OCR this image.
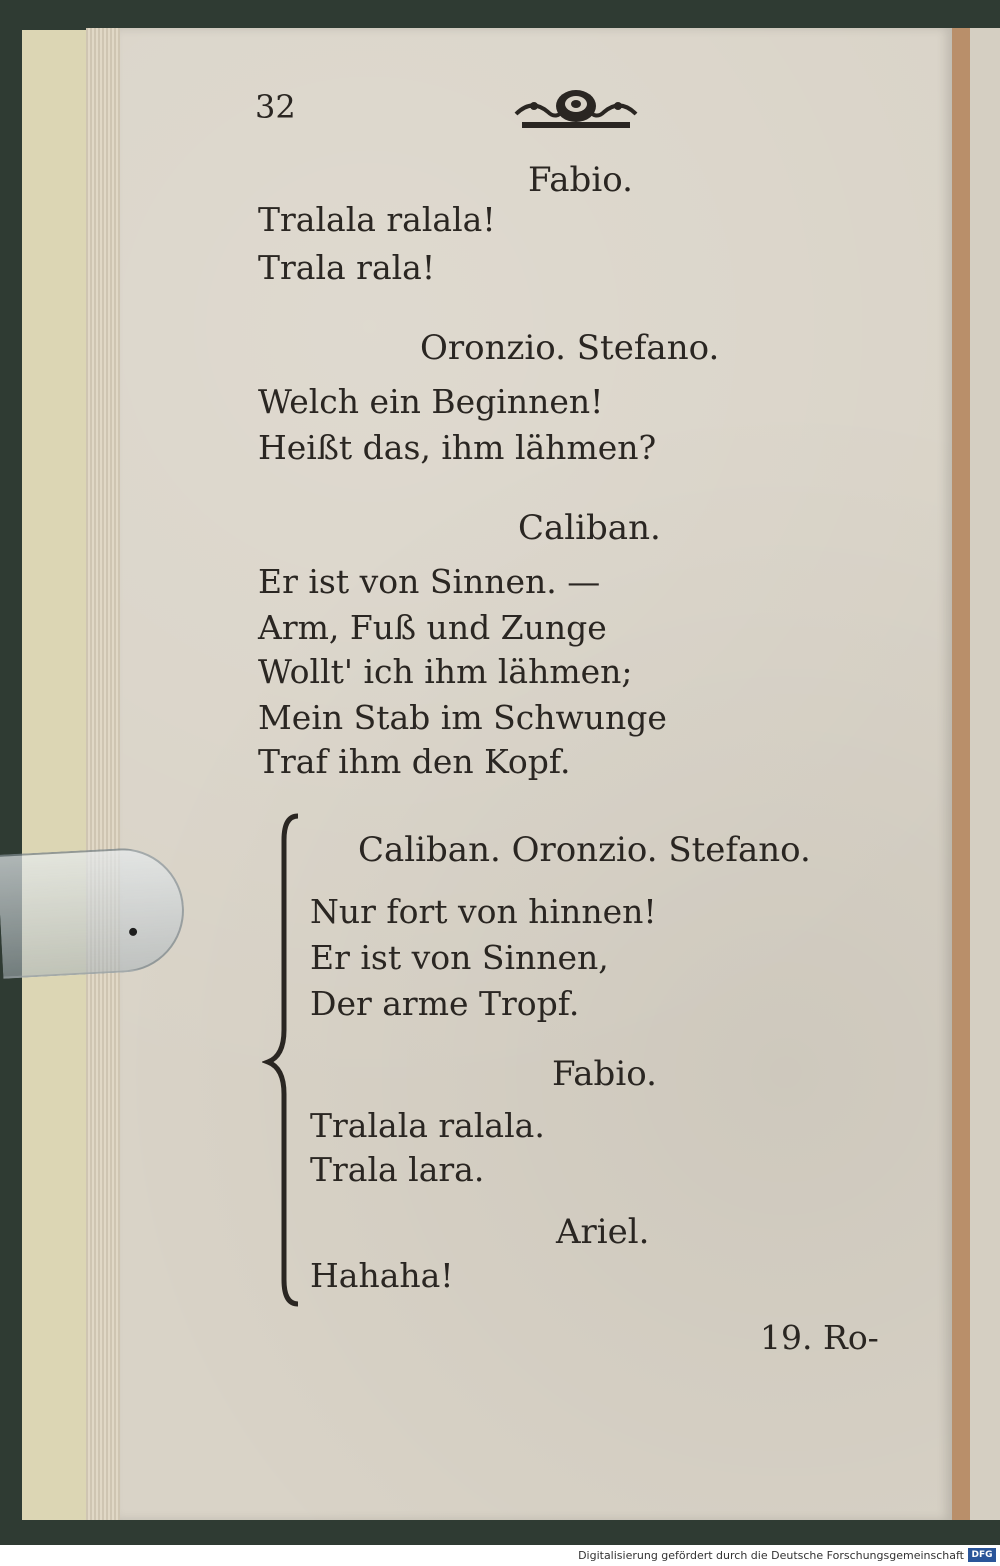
32
Fabio.
Tralala ralala!
Trala rala!
Oronzio. Stefano.
Welch ein Beginnen!
Heißt das, ihm lähmen?
Caliban.
Er ist von Sinnen. —
Arm, Fuß und Zunge
Wollt' ich ihm lähmen;
Mein Stab im Schwunge
Traf ihm den Kopf.
Caliban. Oronzio. Stefano.
Nur fort von hinnen!
Er ist von Sinnen,
Der arme Tropf.
Fabio.
Tralala ralala.
Trala lara.
Ariel.
Hahaha!
19. Ro-
Digitalisierung gefördert durch die Deutsche Forschungsgemeinschaft DFG
